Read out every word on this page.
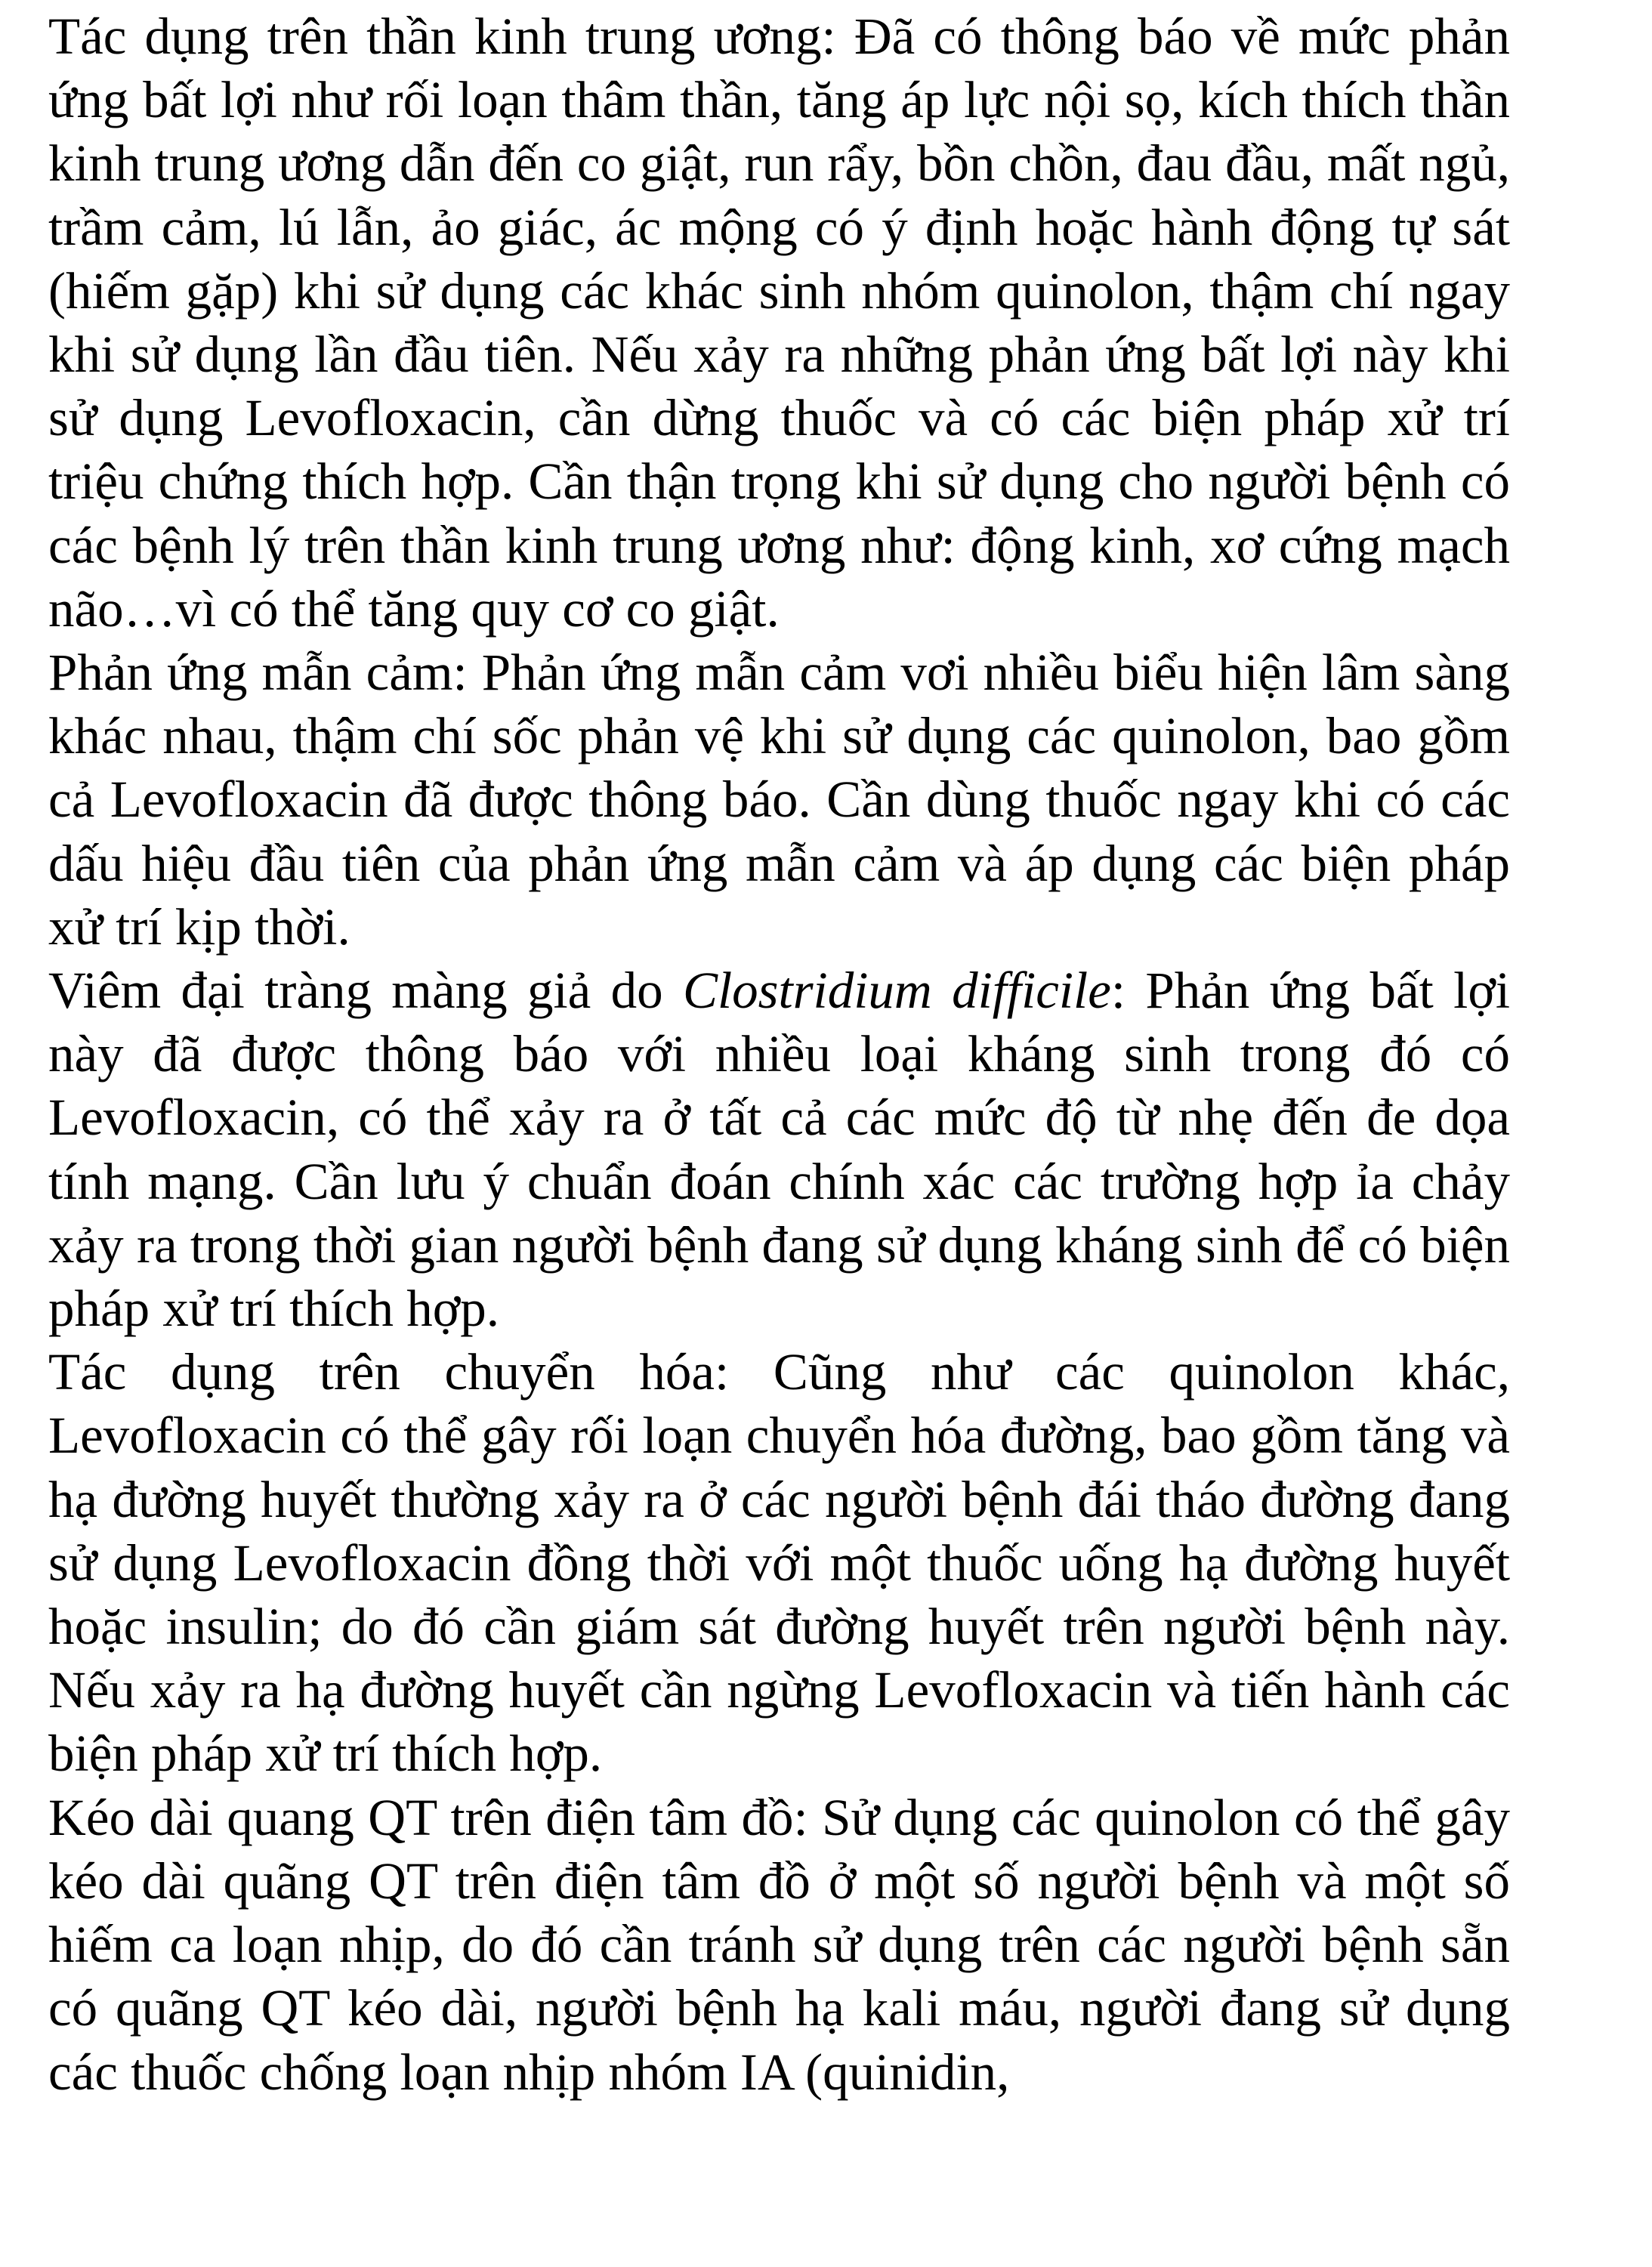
Tác dụng trên thần kinh trung ương: Đã có thông báo về mức phản ứng bất lợi như rối loạn thâm thần, tăng áp lực nội sọ, kích thích thần kinh trung ương dẫn đến co giật, run rẩy, bồn chồn, đau đầu, mất ngủ, trầm cảm, lú lẫn, ảo giác, ác mộng có ý định hoặc hành động tự sát (hiếm gặp) khi sử dụng các khác sinh nhóm quinolon, thậm chí ngay khi sử dụng lần đầu tiên. Nếu xảy ra những phản ứng bất lợi này khi sử dụng Levofloxacin, cần dừng thuốc và có các biện pháp xử trí triệu chứng thích hợp. Cần thận trọng khi sử dụng cho người bệnh có các bệnh lý trên thần kinh trung ương như: động kinh, xơ cứng mạch não…vì có thể tăng quy cơ co giật.

Phản ứng mẫn cảm: Phản ứng mẫn cảm vơi nhiều biểu hiện lâm sàng khác nhau, thậm chí sốc phản vệ khi sử dụng các quinolon, bao gồm cả Levofloxacin đã được thông báo. Cần dùng thuốc ngay khi có các dấu hiệu đầu tiên của phản ứng mẫn cảm và áp dụng các biện pháp xử trí kịp thời.

Viêm đại tràng màng giả do Clostridium difficile: Phản ứng bất lợi này đã được thông báo với nhiều loại kháng sinh trong đó có Levofloxacin, có thể xảy ra ở tất cả các mức độ từ nhẹ đến đe dọa tính mạng. Cần lưu ý chuẩn đoán chính xác các trường hợp ỉa chảy xảy ra trong thời gian người bệnh đang sử dụng kháng sinh để có biện pháp xử trí thích hợp.

Tác dụng trên chuyển hóa: Cũng như các quinolon khác, Levofloxacin có thể gây rối loạn chuyển hóa đường, bao gồm tăng và hạ đường huyết thường xảy ra ở các người bệnh đái tháo đường đang sử dụng Levofloxacin đồng thời với một thuốc uống hạ đường huyết hoặc insulin; do đó cần giám sát đường huyết trên người bệnh này. Nếu xảy ra hạ đường huyết cần ngừng Levofloxacin và tiến hành các biện pháp xử trí thích hợp.

Kéo dài quang QT trên điện tâm đồ: Sử dụng các quinolon có thể gây kéo dài quãng QT trên điện tâm đồ ở một số người bệnh và một số hiếm ca loạn nhịp, do đó cần tránh sử dụng trên các người bệnh sẵn có quãng QT kéo dài, người bệnh hạ kali máu, người đang sử dụng các thuốc chống loạn nhịp nhóm IA (quinidin,
